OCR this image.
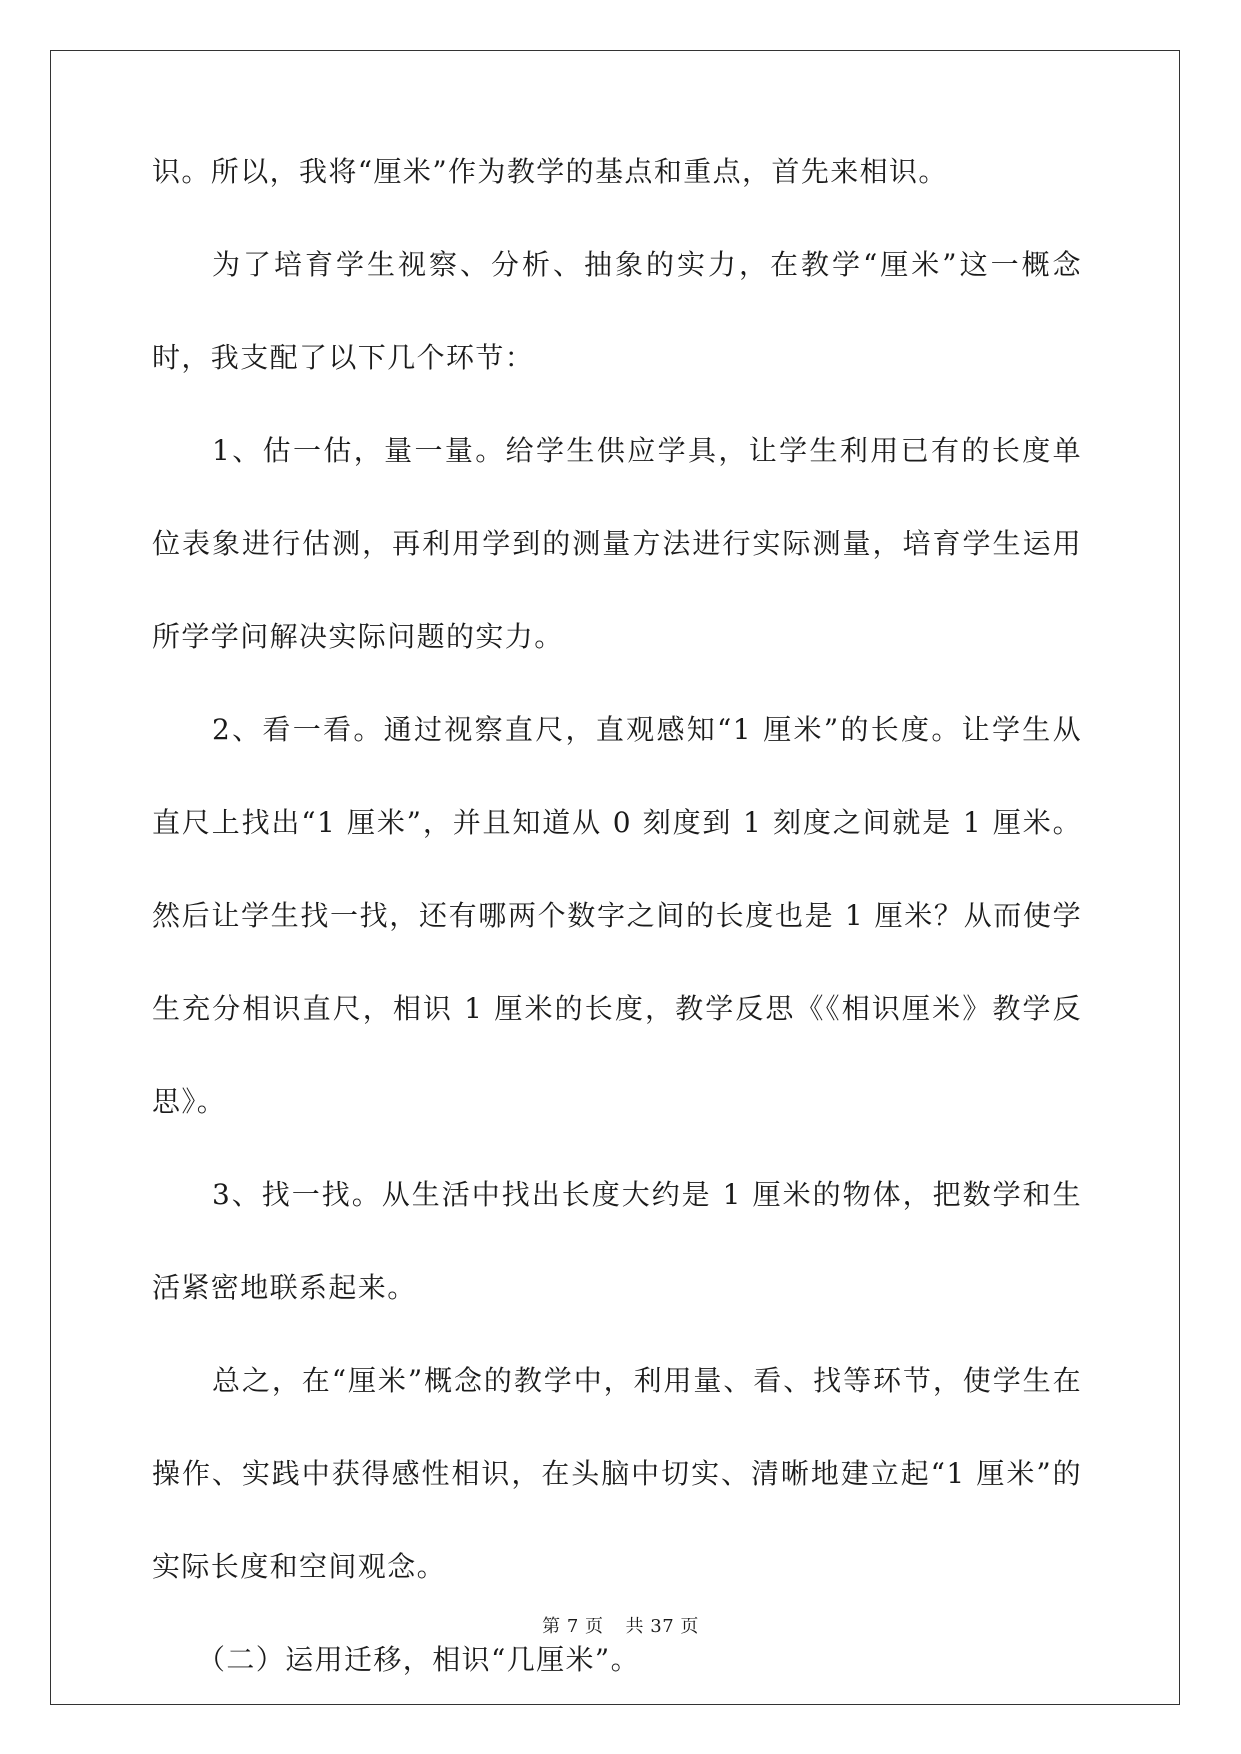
识。所以，我将“厘米”作为教学的基点和重点，首先来相识。

为了培育学生视察、分析、抽象的实力，在教学“厘米”这一概念时，我支配了以下几个环节：

1、估一估，量一量。给学生供应学具，让学生利用已有的长度单位表象进行估测，再利用学到的测量方法进行实际测量，培育学生运用所学学问解决实际问题的实力。

2、看一看。通过视察直尺，直观感知“1 厘米”的长度。让学生从直尺上找出“1 厘米”，并且知道从 0 刻度到 1 刻度之间就是 1 厘米。然后让学生找一找，还有哪两个数字之间的长度也是 1 厘米？从而使学生充分相识直尺，相识 1 厘米的长度，教学反思《《相识厘米》教学反思》。

3、找一找。从生活中找出长度大约是 1 厘米的物体，把数学和生活紧密地联系起来。

总之，在“厘米”概念的教学中，利用量、看、找等环节，使学生在操作、实践中获得感性相识，在头脑中切实、清晰地建立起“1 厘米”的实际长度和空间观念。

（二）运用迁移，相识“几厘米”。

第 7 页 共 37 页
